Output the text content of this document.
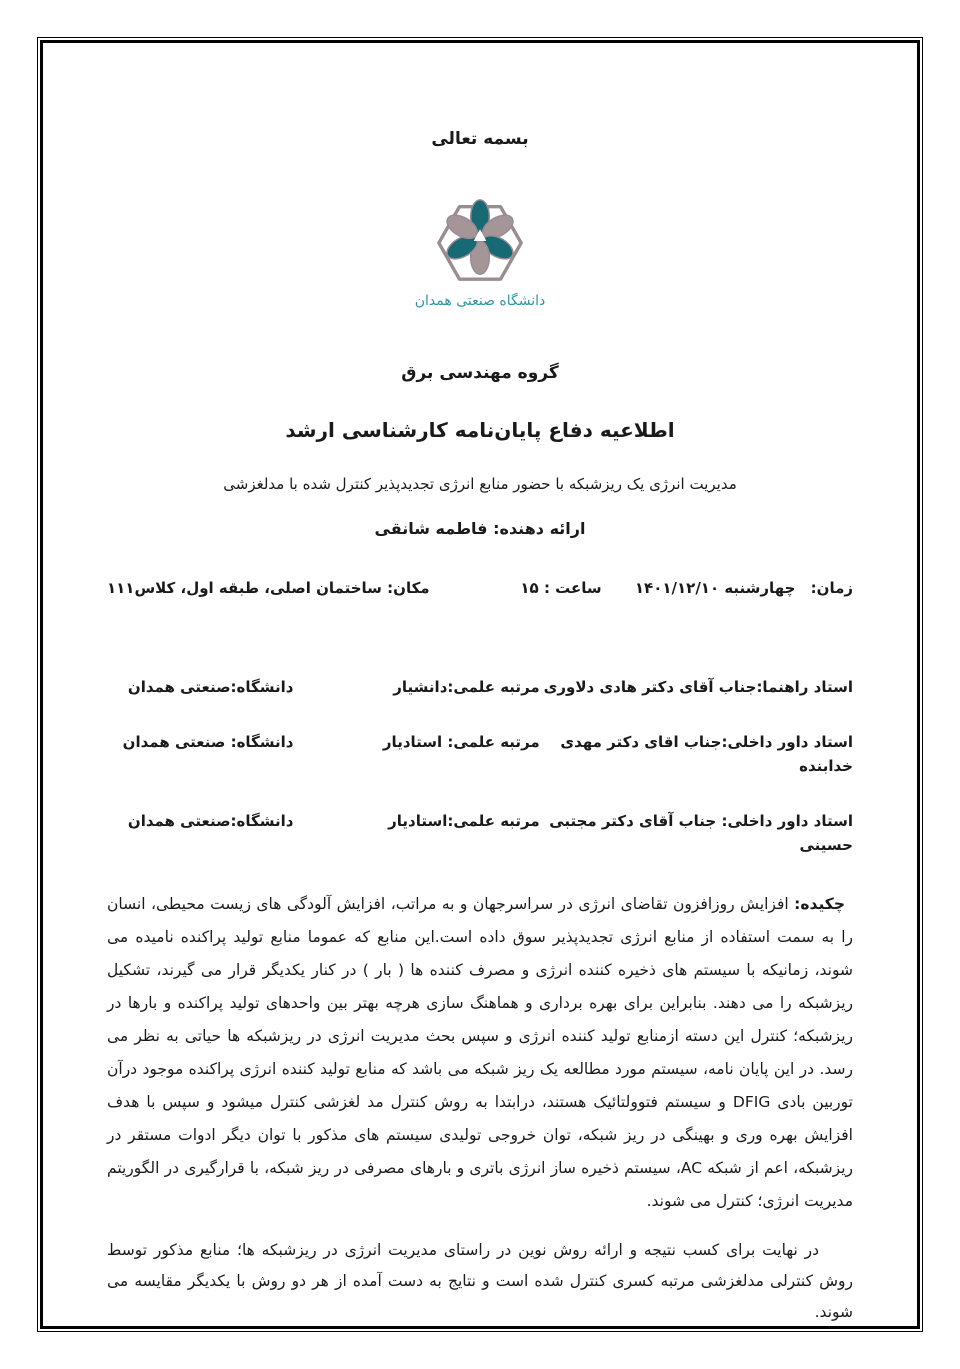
بسمه تعالی
دانشگاه صنعتی همدان
گروه مهندسی برق
اطلاعیه دفاع پایان‌نامه کارشناسی ارشد
مدیریت انرژی یک ریزشبکه با حضور منابع انرژی تجدیدپذیر کنترل شده با مدلغزشی
ارائه دهنده: فاطمه شانقی
زمان: چهارشنبه ۱۴۰۱/۱۲/۱۰ ساعت : ۱۵
مکان: ساختمان اصلی، طبقه اول، کلاس۱۱۱
استاد راهنما:جناب آقای دکتر هادی دلاوری
مرتبه علمی:دانشیار
دانشگاه:صنعتی همدان
استاد داور داخلی:جناب اقای دکتر مهدی خدابنده
مرتبه علمی: استادیار
دانشگاه: صنعتی همدان
استاد داور داخلی: جناب آقای دکتر مجتبی حسینی
مرتبه علمی:استادیار
دانشگاه:صنعتی همدان
چکیده: افزایش روزافزون تقاضای انرژی در سراسرجهان و به مراتب، افزایش آلودگی های زیست محیطی، انسان را به سمت استفاده از منابع انرژی تجدیدپذیر سوق داده است.این منابع که عموما منابع تولید پراکنده نامیده می شوند، زمانیکه با سیستم های ذخیره کننده انرژی و مصرف کننده ها ( بار ) در کنار یکدیگر قرار می گیرند، تشکیل ریزشبکه را می دهند. بنابراین برای بهره برداری و هماهنگ سازی هرچه بهتر بین واحدهای تولید پراکنده و بارها در ریزشبکه؛ کنترل این دسته ازمنابع تولید کننده انرژی و سپس بحث مدیریت انرژی در ریزشبکه ها حیاتی به نظر می رسد. در این پایان نامه، سیستم مورد مطالعه یک ریز شبکه می باشد که منابع تولید کننده انرژی پراکنده موجود درآن توربین بادی DFIG و سیستم فتوولتائیک هستند، درابتدا به روش کنترل مد لغزشی کنترل میشود و سپس با هدف افزایش بهره وری و بهینگی در ریز شبکه، توان خروجی تولیدی سیستم های مذکور با توان دیگر ادوات مستقر در ریزشبکه، اعم از شبکه AC، سیستم ذخیره ساز انرژی باتری و بارهای مصرفی در ریز شبکه، با قرارگیری در الگوریتم مدیریت انرژی؛ کنترل می شوند.
در نهایت برای کسب نتیجه و ارائه روش نوین در راستای مدیریت انرژی در ریزشبکه ها؛ منابع مذکور توسط روش کنترلی مدلغزشی مرتبه کسری کنترل شده است و نتایج به دست آمده از هر دو روش با یکدیگر مقایسه می شوند.
